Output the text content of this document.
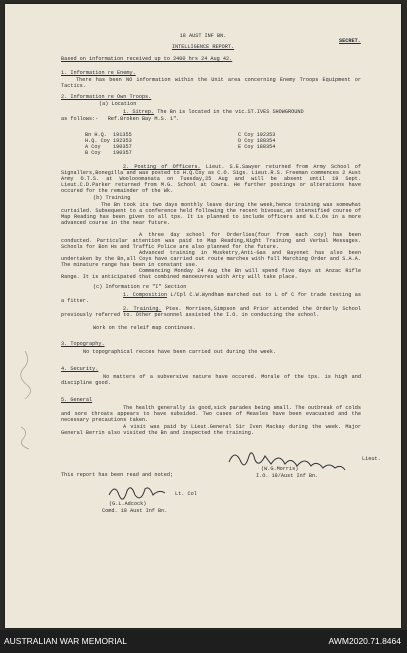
SECRET.
18 AUST INF BN.
INTELLIGENCE REPORT.
Based on information received up to 2400 hrs 24 Aug 42.
1. Information re Enemy.
There has been NO information within the Unit area concerning Enemy Troops Equipment or Tactics.
2. Information re Own Troops.
(a) Location
1. Sitrep. The Bn is located in the vic.ST.IVES SHOWGROUND
as follows:-   Ref.Broken Bay M.S. 1".
Bn H.Q.  191355
H.Q. Coy 192353
A Coy    190357
B Coy    190357
C Coy 192353
D Coy 188354
E Coy 188354
2. Posting of Officers. Lieut. S.E.Sawyer returned from Army School of Signallers,Bonegilla and was posted to H.Q.Coy as C.O. Sigs. Lieut.R.S. Freeman commences 2 Aust Army O.T.S. at Woolooomanata on Tuesday,25 Aug and will be absent until 19 Sept. Lieut.C.D.Parker returned from M.G. School at Cowra. He further postings or alterations have occured for the remainder of the Wk.
(b) Training
The Bn took its two days monthly leave during the week,hence training was somewhat curtailed. Subsequent to a conference held following the recent bivouac,an intensified course of Map Reading has been given to all tps. It is planned to include officers and N.C.Os in a more advanced course in the near future.
A three day school for Orderlies(four from each coy) has been conducted. Particular attention was paid to Map Reading,Night Training and Verbal Messages. Schools for Bon Hs and Traffic Police are also planned for the future.
Advanced training in Musketry,Anti-Gas and Bayonet has also been undertaken by the Bn,all Coys have carried out route marches with full Marching Order and S.A.A. The minature range has been in constant use.
Commencing Monday 24 Aug the Bn will spend five days at Anzac Rifle Range. It is anticipated that combined manoeuvres with Arty will take place.
(c) Information re "I" Section
1. Composition L/Cpl C.W.Wyndham marched out to L of C for trade testing as a fitter.
2. Training. Ptes. Morrison,Simpson and Prior attended the Orderly School previously referred to. Other personnel assisted the I.O. in conducting the school.
Work on the releif map continues.
3. Topography.
No topographical recces have been carried out during the week.
4. Security.
No matters of a subversive nature have occured. Morale of the tps. is high and discipline good.
5. General
The health generally is good,sick parades being small. The outbreak of colds and sore throats appears to have subsided. Two cases of Measles have been evacuated and the necessary precautions taken.
A visit was paid by Lieut.General Sir Iven Mackay during the week. Major General Berrin also visited the Bn and inspected the training.
Lieut.
(W.G.Morris)
I.O. 18/Aust Inf Bn.
This report has been read and noted;
Lt. Col
(G.L.Adcock)
Comd. 18 Aust Inf Bn.
AUSTRALIAN WAR MEMORIAL	AWM2020.71.8464
